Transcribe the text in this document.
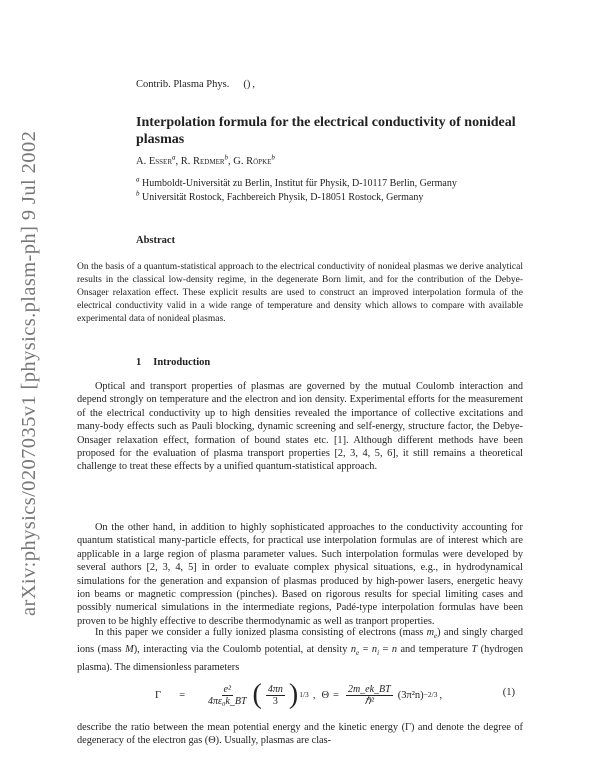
arXiv:physics/0207035v1 [physics.plasm-ph] 9 Jul 2002
Contrib. Plasma Phys. () ,
Interpolation formula for the electrical conductivity of nonideal plasmas
A. Esser$^a$, R. Redmer$^b$, G. Röpke$^b$

$^a$ Humboldt-Universität zu Berlin, Institut für Physik, D-10117 Berlin, Germany

$^b$ Universität Rostock, Fachbereich Physik, D-18051 Rostock, Germany

Abstract
On the basis of a quantum-statistical approach to the electrical conductivity of nonideal plasmas we derive analytical results in the classical low-density regime, in the degenerate Born limit, and for the contribution of the Debye-Onsager relaxation effect. These explicit results are used to construct an improved interpolation formula of the electrical conductivity valid in a wide range of temperature and density which allows to compare with available experimental data of nonideal plasmas.
1 Introduction

Optical and transport properties of plasmas are governed by the mutual Coulomb interaction and depend strongly on temperature and the electron and ion density. Experimental efforts for the measurement of the electrical conductivity up to high densities revealed the importance of collective excitations and many-body effects such as Pauli blocking, dynamic screening and self-energy, structure factor, the Debye-Onsager relaxation effect, formation of bound states etc. [1]. Although different methods have been proposed for the evaluation of plasma transport properties [2, 3, 4, 5, 6], it still remains a theoretical challenge to treat these effects by a unified quantum-statistical approach.

On the other hand, in addition to highly sophisticated approaches to the conductivity accounting for quantum statistical many-particle effects, for practical use interpolation formulas are of interest which are applicable in a large region of plasma parameter values. Such interpolation formulas were developed by several authors [2, 3, 4, 5] in order to evaluate complex physical situations, e.g., in hydrodynamical simulations for the generation and expansion of plasmas produced by high-power lasers, energetic heavy ion beams or magnetic compression (pinches). Based on rigorous results for special limiting cases and possibly numerical simulations in the intermediate regions, Padé-type interpolation formulas have been proven to be highly effective to describe thermodynamic as well as tranport properties.

In this paper we consider a fully ionized plasma consisting of electrons (mass $m_e$) and singly charged ions (mass M), interacting via the Coulomb potential, at density $n_e = n_i = n$ and temperature T (hydrogen plasma). The dimensionless parameters

$\Gamma = \frac{\text{e²}}{\text{4πε₀k\_BT}}$ ( $\frac{4\pi n}{3}$ ) 1/3 , $\Theta = \frac{2m\_ek\_BT}{\text{ℏ²}} (3\pi^2n) -2/3$ ,	(1)

describe the ratio between the mean potential energy and the kinetic energy (Γ) and denote the degree of degeneracy of the electron gas (Θ). Usually, plasmas are clas-
